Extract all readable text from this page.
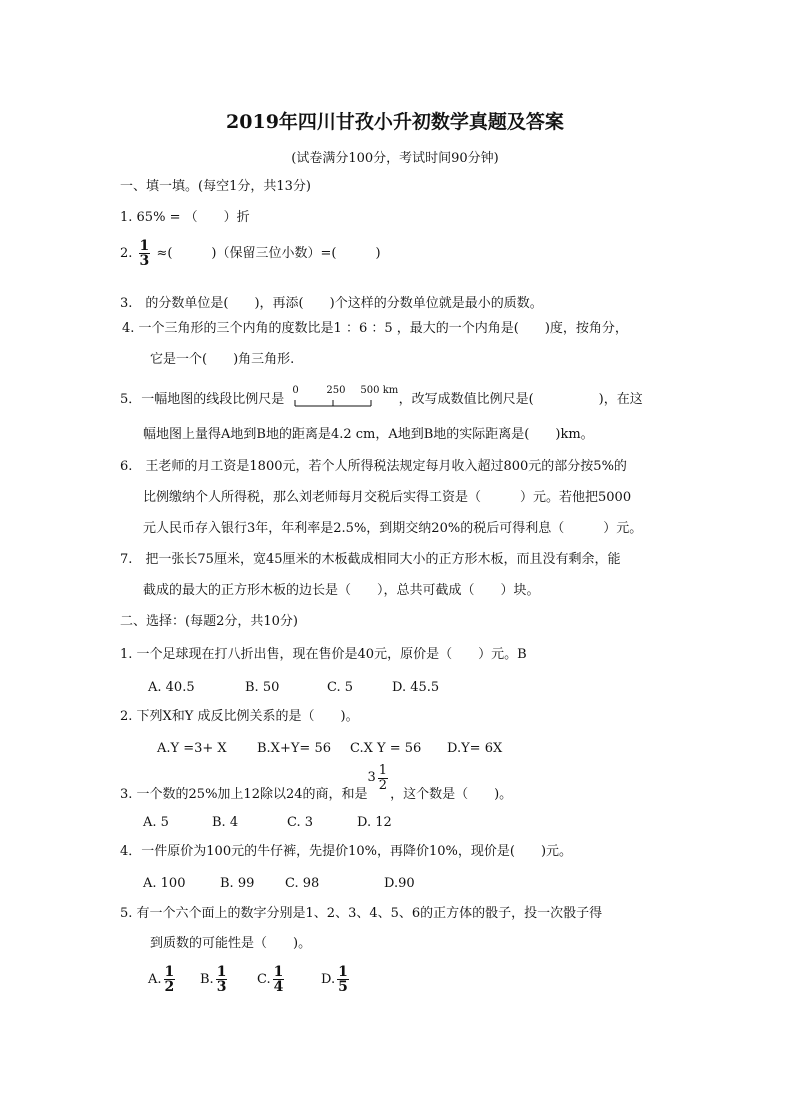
2019年四川甘孜小升初数学真题及答案
(试卷满分100分，考试时间90分钟)
一、填一填。(每空1分，共13分)
1. 65% = （　　）折
2. $\frac{1}{3}$ ≈(　　　)（保留三位小数）=(　　　)
3.　的分数单位是(　　)，再添(　　)个这样的分数单位就是最小的质数。
4. 一个三角形的三个内角的度数比是1 ：6 ：5 ，最大的一个内角是(　　)度，按角分，
它是一个(　　)角三角形.
5．一幅地图的线段比例尺是
0	250 500 km
，改写成数值比例尺是(　　　　　)，在这
幅地图上量得A地到B地的距离是4.2 cm，A地到B地的实际距离是(　　)km。
6.　王老师的月工资是1800元，若个人所得税法规定每月收入超过800元的部分按5%的
比例缴纳个人所得税，那么刘老师每月交税后实得工资是（　　　）元。若他把5000
元人民币存入银行3年，年利率是2.5%，到期交纳20%的税后可得利息（　　　）元。
7.　把一张长75厘米，宽45厘米的木板截成相同大小的正方形木板，而且没有剩余，能
截成的最大的正方形木板的边长是（　　），总共可截成（　　）块。
二、选择：(每题2分，共10分)
1. 一个足球现在打八折出售，现在售价是40元，原价是（　　）元。B
A. 40.5	B. 50	C. 5	D. 45.5
2. 下列X和Y 成反比例关系的是（　　)。
A.Y =3+ X B.X+Y= 56 C.X Y = 56 D.Y= 6X
3. 一个数的25%加上12除以24的商，和是$3 \frac{1}{2}$
，这个数是（　　)。
A. 5	B. 4	C. 3	D. 12
4．一件原价为100元的牛仔裤，先提价10%，再降价10%，现价是(　　)元。
A. 100	B. 99 C. 98	D.90
5. 有一个六个面上的数字分别是1、2、3、4、5、6的正方体的骰子，投一次骰子得
到质数的可能性是（　　)。
A. $\frac{1}{2} B$. $\frac{1}{3} C$. $\frac{1}{4}$	D. $\frac{1}{5}$
